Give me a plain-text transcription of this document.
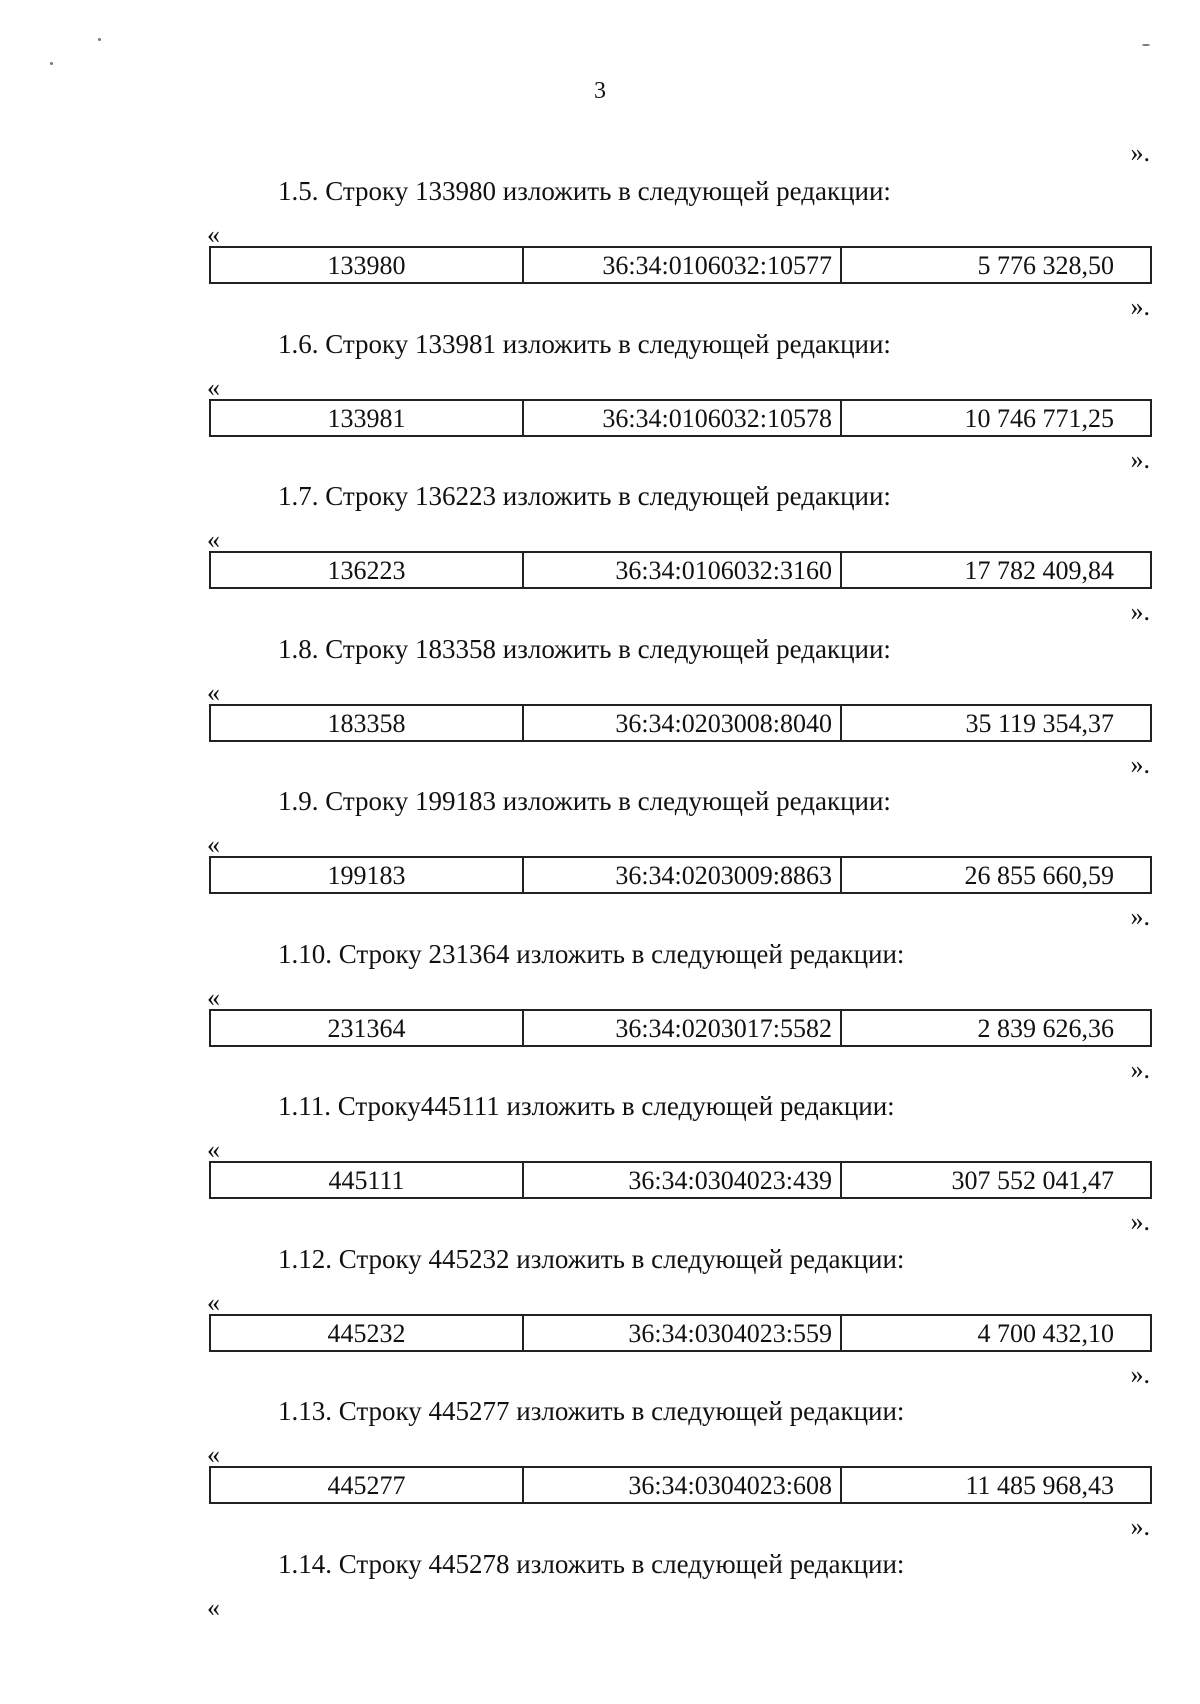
3
».
1.5. Строку 133980 изложить в следующей редакции:
«
133980	36:34:0106032:10577	5 776 328,50
».
1.6. Строку 133981 изложить в следующей редакции:
«
133981	36:34:0106032:10578	10 746 771,25
».
1.7. Строку 136223 изложить в следующей редакции:
«
136223	36:34:0106032:3160	17 782 409,84
».
1.8. Строку 183358 изложить в следующей редакции:
«
183358	36:34:0203008:8040	35 119 354,37
».
1.9. Строку 199183 изложить в следующей редакции:
«
199183	36:34:0203009:8863	26 855 660,59
».
1.10. Строку 231364 изложить в следующей редакции:
«
231364	36:34:0203017:5582	2 839 626,36
».
1.11. Строку445111 изложить в следующей редакции:
«
445111	36:34:0304023:439	307 552 041,47
».
1.12. Строку 445232 изложить в следующей редакции:
«
445232	36:34:0304023:559	4 700 432,10
».
1.13. Строку 445277 изложить в следующей редакции:
«
445277	36:34:0304023:608	11 485 968,43
».
1.14. Строку 445278 изложить в следующей редакции:
«
